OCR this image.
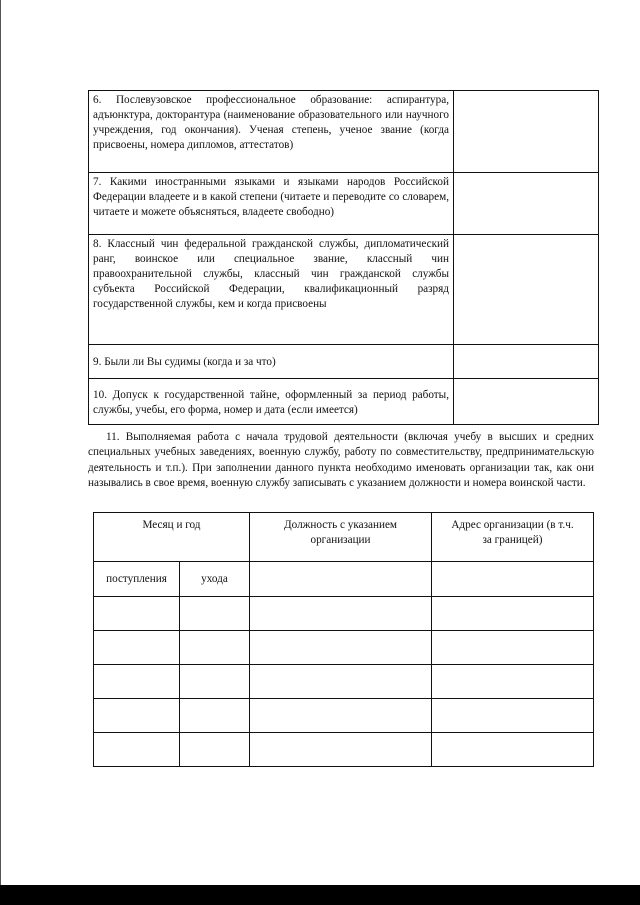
6. Послевузовское профессиональное образование: аспирантура, адъюнктура, докторантура (наименование образовательного или научного учреждения, год окончания). Ученая степень, ученое звание (когда присвоены, номера дипломов, аттестатов)	
7. Какими иностранными языками и языками народов Российской Федерации владеете и в какой степени (читаете и переводите со словарем, читаете и можете объясняться, владеете свободно)	
8. Классный чин федеральной гражданской службы, дипломатический ранг, воинское или специальное звание, классный чин правоохранительной службы, классный чин гражданской службы субъекта Российской Федерации, квалификационный разряд государственной службы, кем и когда присвоены	
9. Были ли Вы судимы (когда и за что)	
10. Допуск к государственной тайне, оформленный за период работы, службы, учебы, его форма, номер и дата (если имеется)	
11. Выполняемая работа с начала трудовой деятельности (включая учебу в высших и средних специальных учебных заведениях, военную службу, работу по совместительству, предпринимательскую деятельность и т.п.). При заполнении данного пункта необходимо именовать организации так, как они назывались в свое время, военную службу записывать с указанием должности и номера воинской части.
Месяц и год		Должность с указанием организации	Адрес организации (в т.ч. за границей)
поступления	ухода		
